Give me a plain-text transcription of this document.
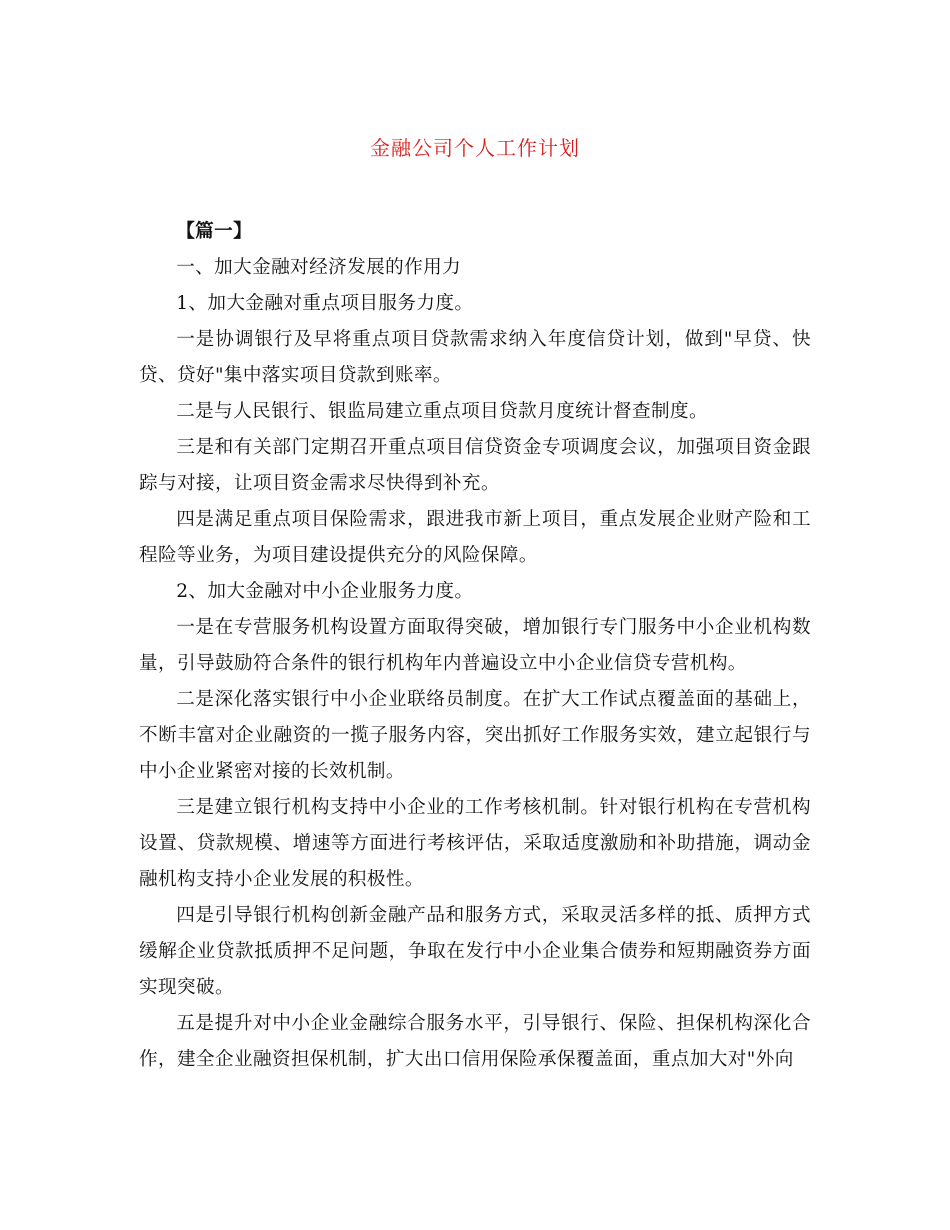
金融公司个人工作计划

【篇一】

一、加大金融对经济发展的作用力

1、加大金融对重点项目服务力度。

一是协调银行及早将重点项目贷款需求纳入年度信贷计划，做到"早贷、快贷、贷好"集中落实项目贷款到账率。

二是与人民银行、银监局建立重点项目贷款月度统计督查制度。

三是和有关部门定期召开重点项目信贷资金专项调度会议，加强项目资金跟踪与对接，让项目资金需求尽快得到补充。

四是满足重点项目保险需求，跟进我市新上项目，重点发展企业财产险和工程险等业务，为项目建设提供充分的风险保障。

2、加大金融对中小企业服务力度。

一是在专营服务机构设置方面取得突破，增加银行专门服务中小企业机构数量，引导鼓励符合条件的银行机构年内普遍设立中小企业信贷专营机构。

二是深化落实银行中小企业联络员制度。在扩大工作试点覆盖面的基础上，不断丰富对企业融资的一揽子服务内容，突出抓好工作服务实效，建立起银行与中小企业紧密对接的长效机制。

三是建立银行机构支持中小企业的工作考核机制。针对银行机构在专营机构设置、贷款规模、增速等方面进行考核评估，采取适度激励和补助措施，调动金融机构支持小企业发展的积极性。

四是引导银行机构创新金融产品和服务方式，采取灵活多样的抵、质押方式缓解企业贷款抵质押不足问题，争取在发行中小企业集合债券和短期融资券方面实现突破。

五是提升对中小企业金融综合服务水平，引导银行、保险、担保机构深化合作，建全企业融资担保机制，扩大出口信用保险承保覆盖面，重点加大对"外向
